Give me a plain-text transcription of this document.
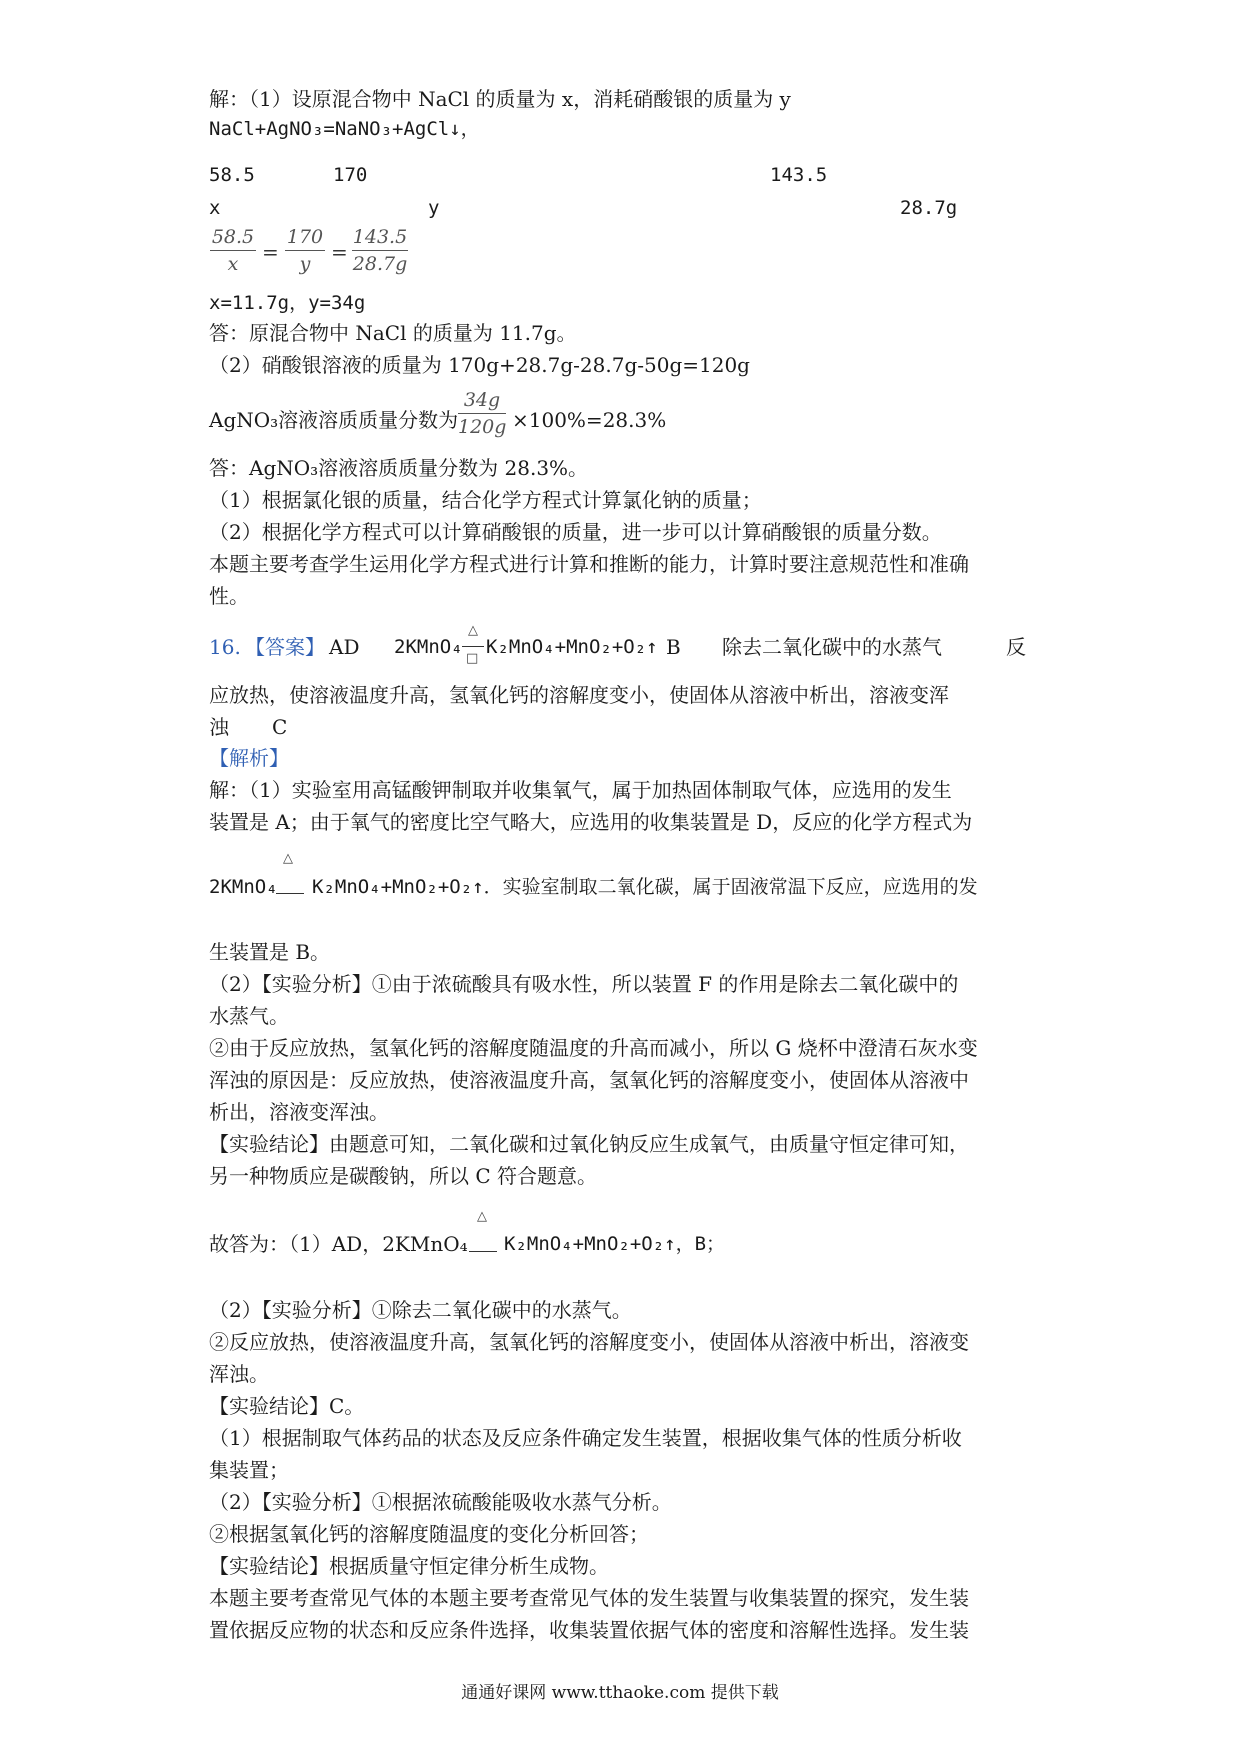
解：（1）设原混合物中 NaCl 的质量为 x，消耗硝酸银的质量为 y
NaCl+AgNO₃=NaNO₃+AgCl↓，
58.5	170	143.5
x	y	28.7g
58.5
x	=
170
y	=
143.5
28.7g
x=11.7g，y=34g
答：原混合物中 NaCl 的质量为 11.7g。
（2）硝酸银溶液的质量为 170g+28.7g-28.7g-50g=120g
AgNO₃溶液溶质质量分数为
34g
120g ×100%=28.3%
答：AgNO₃溶液溶质质量分数为 28.3%。
（1）根据氯化银的质量，结合化学方程式计算氯化钠的质量；
（2）根据化学方程式可以计算硝酸银的质量，进一步可以计算硝酸银的质量分数。
本题主要考查学生运用化学方程式进行计算和推断的能力，计算时要注意规范性和准确
性。
16. 【答案】 AD 2KMnO₄
△
□
K₂MnO₄+MnO₂+O₂↑ B 除去二氧化碳中的水蒸气	反
应放热，使溶液温度升高，氢氧化钙的溶解度变小，使固体从溶液中析出，溶液变浑
浊 C
【解析】
解：（1）实验室用高锰酸钾制取并收集氧气，属于加热固体制取气体，应选用的发生
装置是 A；由于氧气的密度比空气略大，应选用的收集装置是 D，反应的化学方程式为
2KMnO₄
△
K₂MnO₄+MnO₂+O₂↑．实验室制取二氧化碳，属于固液常温下反应，应选用的发
生装置是 B。
（2）【实验分析】①由于浓硫酸具有吸水性，所以装置 F 的作用是除去二氧化碳中的
水蒸气。
②由于反应放热，氢氧化钙的溶解度随温度的升高而减小，所以 G 烧杯中澄清石灰水变
浑浊的原因是：反应放热，使溶液温度升高，氢氧化钙的溶解度变小，使固体从溶液中
析出，溶液变浑浊。
【实验结论】由题意可知，二氧化碳和过氧化钠反应生成氧气，由质量守恒定律可知，
另一种物质应是碳酸钠，所以 C 符合题意。
故答为：（1）AD，2KMnO₄
△
K₂MnO₄+MnO₂+O₂↑，B；
（2）【实验分析】①除去二氧化碳中的水蒸气。
②反应放热，使溶液温度升高，氢氧化钙的溶解度变小，使固体从溶液中析出，溶液变
浑浊。
【实验结论】C。
（1）根据制取气体药品的状态及反应条件确定发生装置，根据收集气体的性质分析收
集装置；
（2）【实验分析】①根据浓硫酸能吸收水蒸气分析。
②根据氢氧化钙的溶解度随温度的变化分析回答；
【实验结论】根据质量守恒定律分析生成物。
本题主要考查常见气体的本题主要考查常见气体的发生装置与收集装置的探究，发生装
置依据反应物的状态和反应条件选择，收集装置依据气体的密度和溶解性选择。发生装
通通好课网 www.tthaoke.com 提供下载
